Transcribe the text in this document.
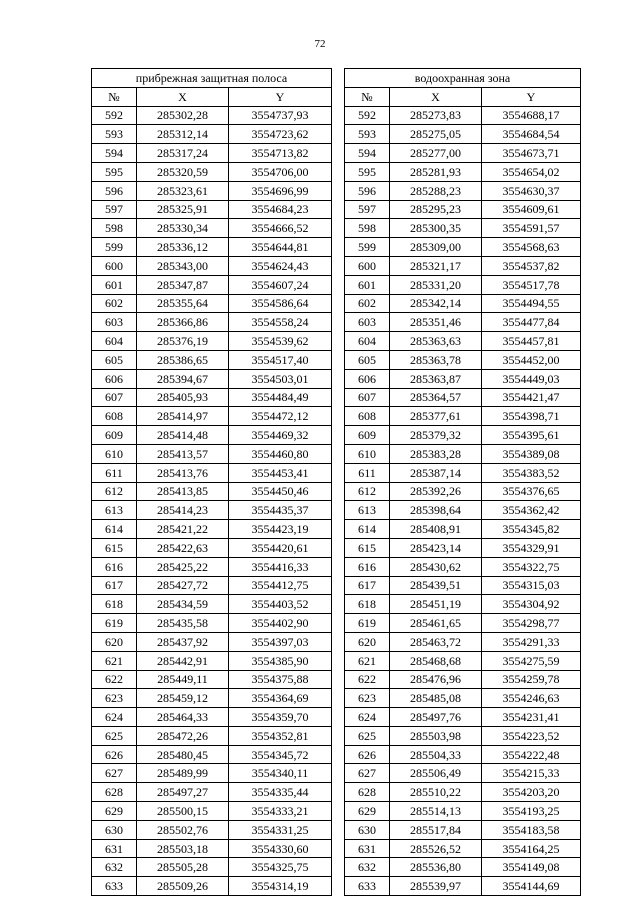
72
прибрежная защитная полоса		
№	X	Y
592	285302,28	3554737,93
593	285312,14	3554723,62
594	285317,24	3554713,82
595	285320,59	3554706,00
596	285323,61	3554696,99
597	285325,91	3554684,23
598	285330,34	3554666,52
599	285336,12	3554644,81
600	285343,00	3554624,43
601	285347,87	3554607,24
602	285355,64	3554586,64
603	285366,86	3554558,24
604	285376,19	3554539,62
605	285386,65	3554517,40
606	285394,67	3554503,01
607	285405,93	3554484,49
608	285414,97	3554472,12
609	285414,48	3554469,32
610	285413,57	3554460,80
611	285413,76	3554453,41
612	285413,85	3554450,46
613	285414,23	3554435,37
614	285421,22	3554423,19
615	285422,63	3554420,61
616	285425,22	3554416,33
617	285427,72	3554412,75
618	285434,59	3554403,52
619	285435,58	3554402,90
620	285437,92	3554397,03
621	285442,91	3554385,90
622	285449,11	3554375,88
623	285459,12	3554364,69
624	285464,33	3554359,70
625	285472,26	3554352,81
626	285480,45	3554345,72
627	285489,99	3554340,11
628	285497,27	3554335,44
629	285500,15	3554333,21
630	285502,76	3554331,25
631	285503,18	3554330,60
632	285505,28	3554325,75
633	285509,26	3554314,19
водоохранная зона		
№	X	Y
592	285273,83	3554688,17
593	285275,05	3554684,54
594	285277,00	3554673,71
595	285281,93	3554654,02
596	285288,23	3554630,37
597	285295,23	3554609,61
598	285300,35	3554591,57
599	285309,00	3554568,63
600	285321,17	3554537,82
601	285331,20	3554517,78
602	285342,14	3554494,55
603	285351,46	3554477,84
604	285363,63	3554457,81
605	285363,78	3554452,00
606	285363,87	3554449,03
607	285364,57	3554421,47
608	285377,61	3554398,71
609	285379,32	3554395,61
610	285383,28	3554389,08
611	285387,14	3554383,52
612	285392,26	3554376,65
613	285398,64	3554362,42
614	285408,91	3554345,82
615	285423,14	3554329,91
616	285430,62	3554322,75
617	285439,51	3554315,03
618	285451,19	3554304,92
619	285461,65	3554298,77
620	285463,72	3554291,33
621	285468,68	3554275,59
622	285476,96	3554259,78
623	285485,08	3554246,63
624	285497,76	3554231,41
625	285503,98	3554223,52
626	285504,33	3554222,48
627	285506,49	3554215,33
628	285510,22	3554203,20
629	285514,13	3554193,25
630	285517,84	3554183,58
631	285526,52	3554164,25
632	285536,80	3554149,08
633	285539,97	3554144,69
